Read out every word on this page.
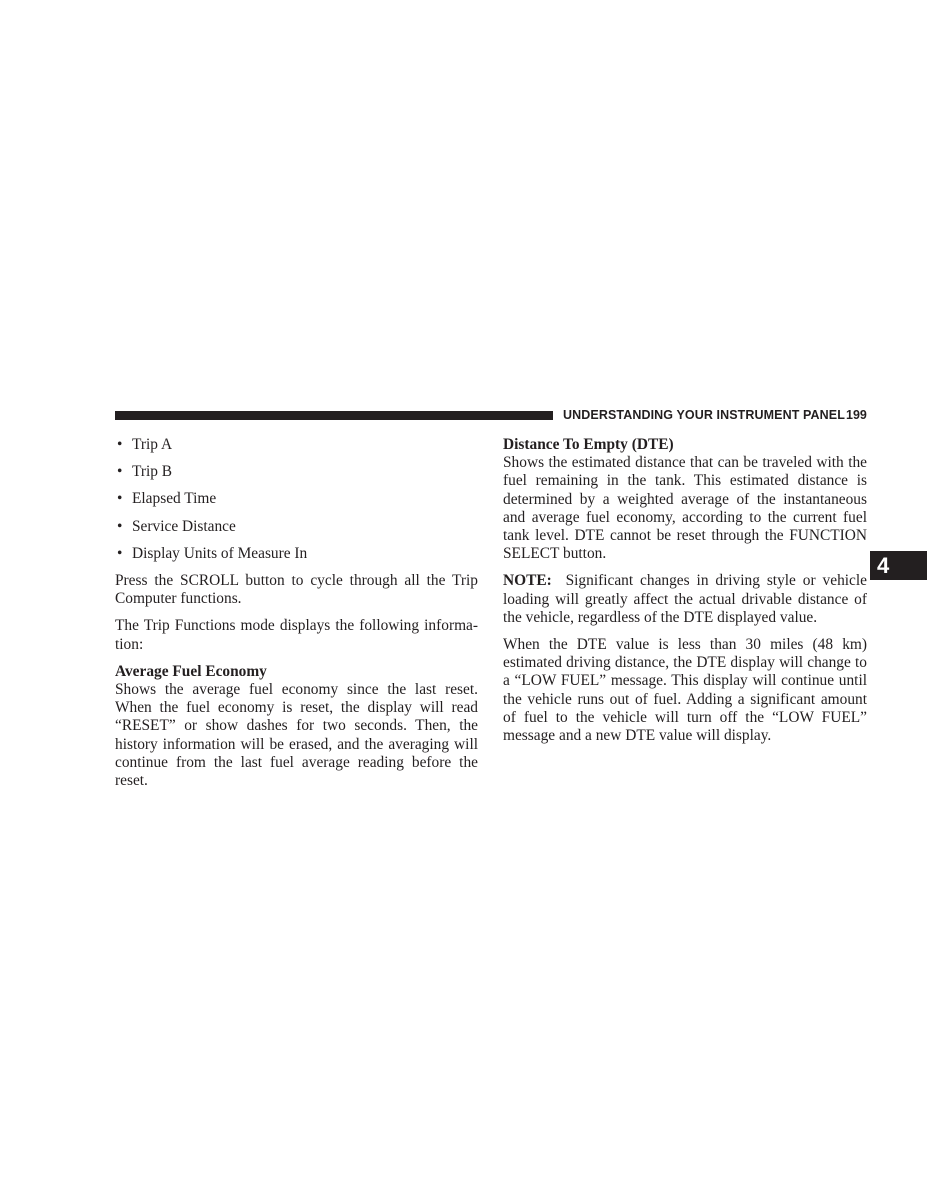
UNDERSTANDING YOUR INSTRUMENT PANEL 199
4
• Trip A
• Trip B
• Elapsed Time
• Service Distance
• Display Units of Measure In

Press the SCROLL button to cycle through all the Trip Computer functions.

The Trip Functions mode displays the following informa- tion:

Average Fuel Economy

Shows the average fuel economy since the last reset. When the fuel economy is reset, the display will read “RESET” or show dashes for two seconds. Then, the history information will be erased, and the averaging will continue from the last fuel average reading before the reset.

Distance To Empty (DTE)

Shows the estimated distance that can be traveled with the fuel remaining in the tank. This estimated distance is determined by a weighted average of the instantaneous and average fuel economy, according to the current fuel tank level. DTE cannot be reset through the FUNCTION SELECT button.

NOTE: Significant changes in driving style or vehicle loading will greatly affect the actual drivable distance of the vehicle, regardless of the DTE displayed value.

When the DTE value is less than 30 miles (48 km) estimated driving distance, the DTE display will change to a “LOW FUEL” message. This display will continue until the vehicle runs out of fuel. Adding a significant amount of fuel to the vehicle will turn off the “LOW FUEL” message and a new DTE value will display.
